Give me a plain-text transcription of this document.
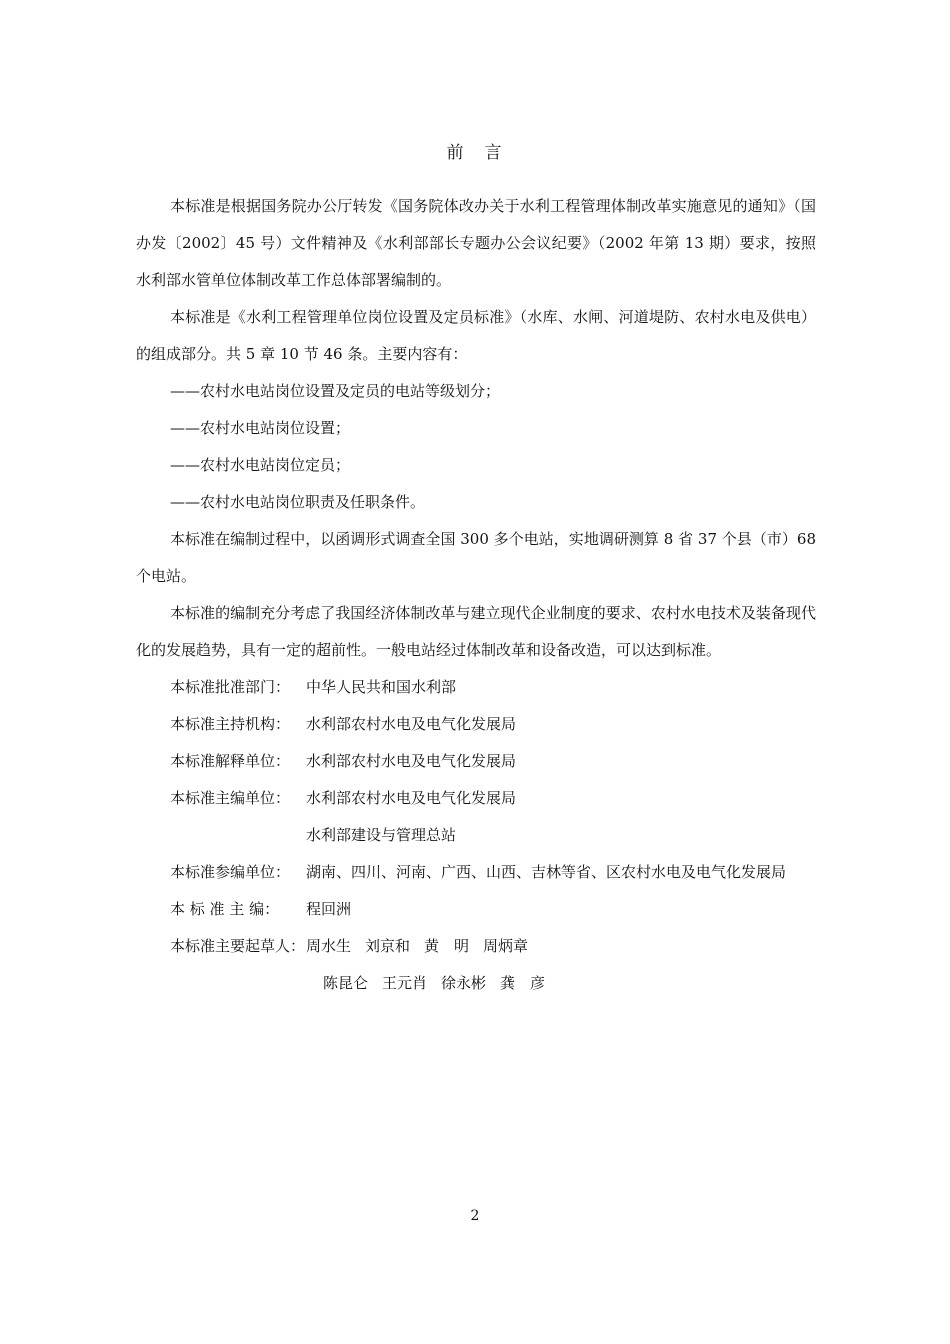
前　言

本标准是根据国务院办公厅转发《国务院体改办关于水利工程管理体制改革实施意见的通知》（国办发〔2002〕45 号）文件精神及《水利部部长专题办公会议纪要》（2002 年第 13 期）要求，按照水利部水管单位体制改革工作总体部署编制的。

本标准是《水利工程管理单位岗位设置及定员标准》（水库、水闸、河道堤防、农村水电及供电）的组成部分。共 5 章 10 节 46 条。主要内容有：

——农村水电站岗位设置及定员的电站等级划分；

——农村水电站岗位设置；

——农村水电站岗位定员；

——农村水电站岗位职责及任职条件。

本标准在编制过程中，以函调形式调查全国 300 多个电站，实地调研测算 8 省 37 个县（市）68 个电站。

本标准的编制充分考虑了我国经济体制改革与建立现代企业制度的要求、农村水电技术及装备现代化的发展趋势，具有一定的超前性。一般电站经过体制改革和设备改造，可以达到标准。

本标准批准部门：	中华人民共和国水利部
本标准主持机构：	水利部农村水电及电气化发展局
本标准解释单位：	水利部农村水电及电气化发展局
本标准主编单位：	水利部农村水电及电气化发展局
水利部建设与管理总站
本标准参编单位：	湖南、四川、河南、广西、山西、吉林等省、区农村水电及电气化发展局
本 标 准 主 编：	程回洲
本标准主要起草人：周水生 刘京和 黄　明 周炳章
陈昆仑 王元肖 徐永彬 龚　彦
2
